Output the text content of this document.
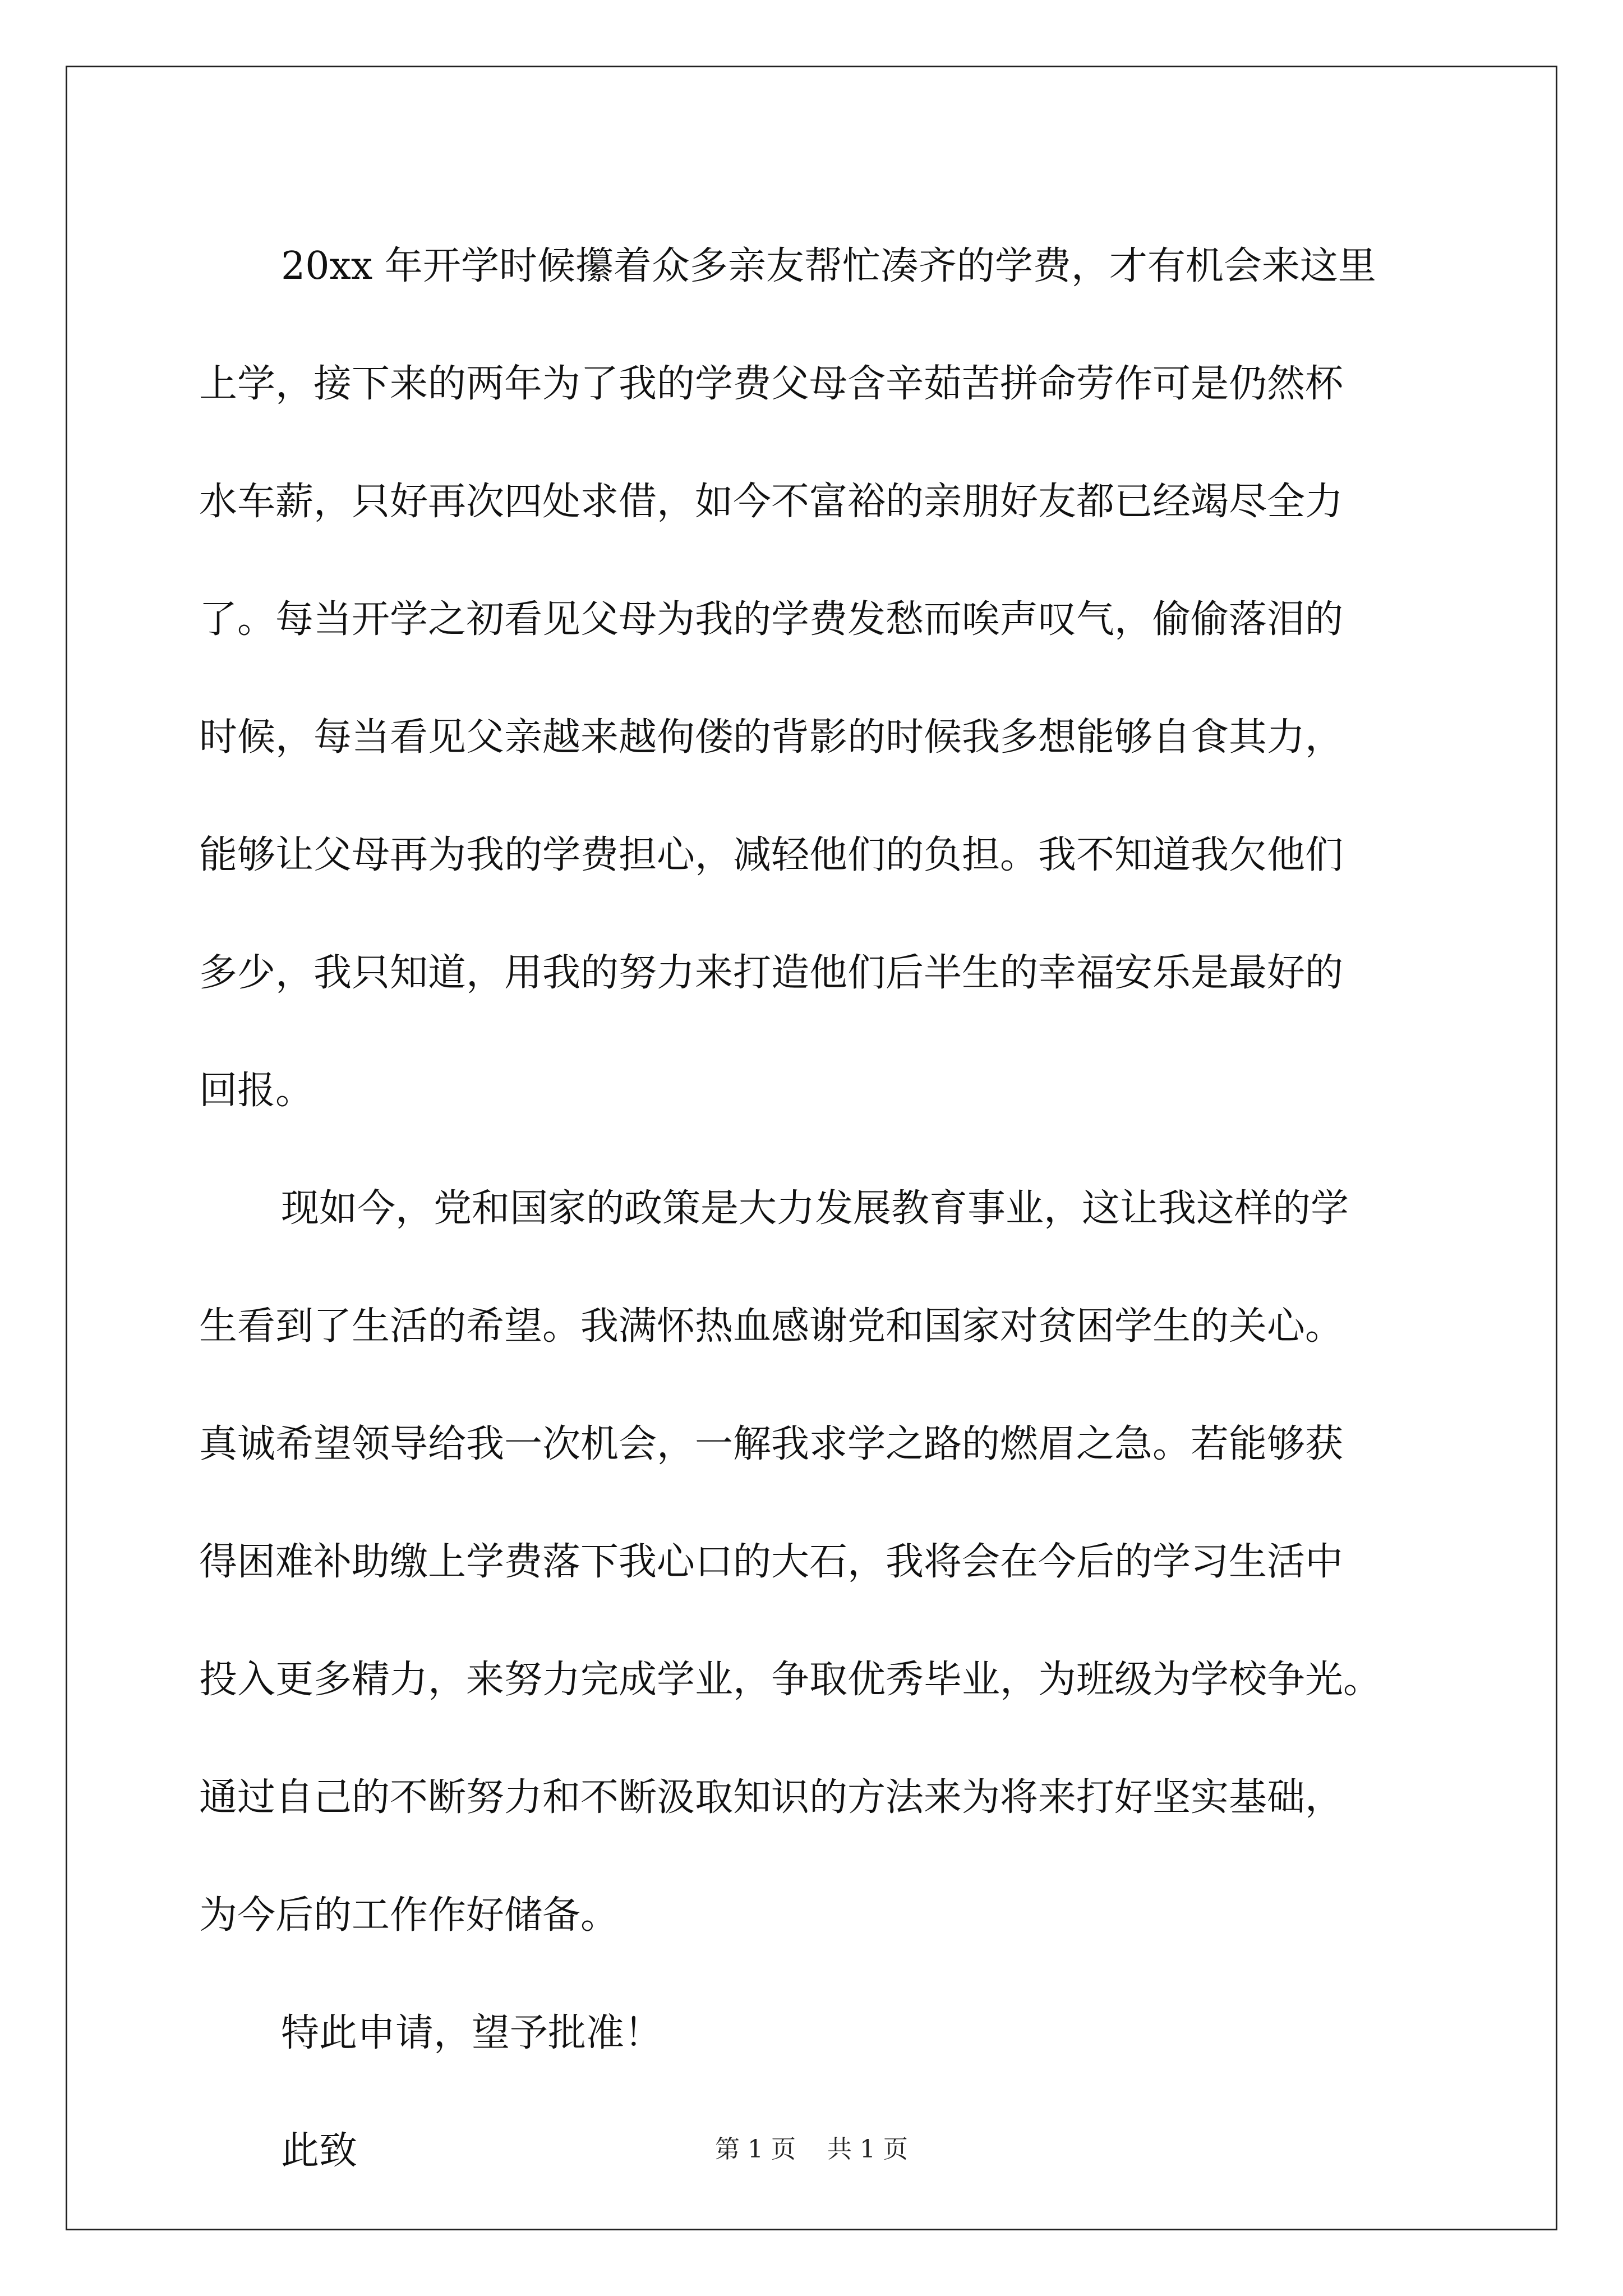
20xx 年开学时候攥着众多亲友帮忙凑齐的学费，才有机会来这里
上学，接下来的两年为了我的学费父母含辛茹苦拼命劳作可是仍然杯
水车薪，只好再次四处求借，如今不富裕的亲朋好友都已经竭尽全力
了。每当开学之初看见父母为我的学费发愁而唉声叹气，偷偷落泪的
时候，每当看见父亲越来越佝偻的背影的时候我多想能够自食其力，
能够让父母再为我的学费担心，减轻他们的负担。我不知道我欠他们
多少，我只知道，用我的努力来打造他们后半生的幸福安乐是最好的
回报。
现如今，党和国家的政策是大力发展教育事业，这让我这样的学
生看到了生活的希望。我满怀热血感谢党和国家对贫困学生的关心。
真诚希望领导给我一次机会，一解我求学之路的燃眉之急。若能够获
得困难补助缴上学费落下我心口的大石，我将会在今后的学习生活中
投入更多精力，来努力完成学业，争取优秀毕业，为班级为学校争光。
通过自己的不断努力和不断汲取知识的方法来为将来打好坚实基础，
为今后的工作作好储备。
特此申请，望予批准！
此致	第 1 页    共 1 页
